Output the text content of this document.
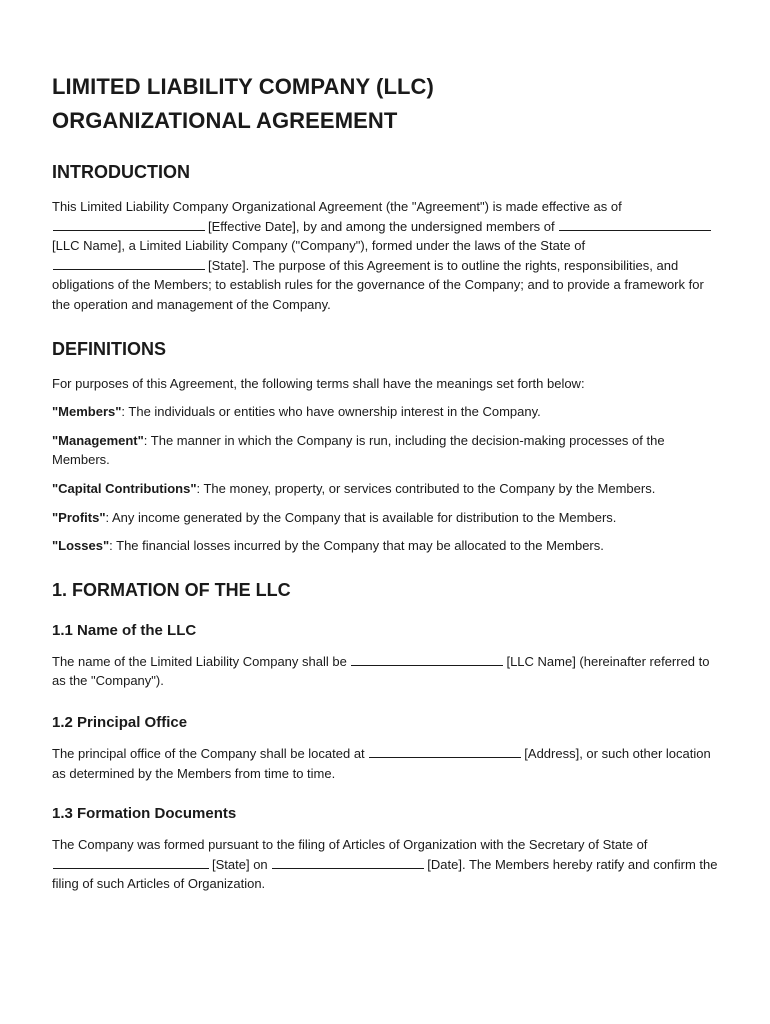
LIMITED LIABILITY COMPANY (LLC)
ORGANIZATIONAL AGREEMENT
INTRODUCTION

This Limited Liability Company Organizational Agreement (the "Agreement") is made effective as of [Effective Date], by and among the undersigned members of [LLC Name], a Limited Liability Company ("Company"), formed under the laws of the State of [State]. The purpose of this Agreement is to outline the rights, responsibilities, and obligations of the Members; to establish rules for the governance of the Company; and to provide a framework for the operation and management of the Company.

DEFINITIONS

For purposes of this Agreement, the following terms shall have the meanings set forth below:

"Members": The individuals or entities who have ownership interest in the Company.

"Management": The manner in which the Company is run, including the decision-making processes of the Members.

"Capital Contributions": The money, property, or services contributed to the Company by the Members.

"Profits": Any income generated by the Company that is available for distribution to the Members.

"Losses": The financial losses incurred by the Company that may be allocated to the Members.

1. FORMATION OF THE LLC
1.1 Name of the LLC

The name of the Limited Liability Company shall be	[LLC Name] (hereinafter referred to as the "Company").

1.2 Principal Office

The principal office of the Company shall be located at	[Address], or such other location as determined by the Members from time to time.

1.3 Formation Documents

The Company was formed pursuant to the filing of Articles of Organization with the Secretary of State of [State] on	[Date]. The Members hereby ratify and confirm the filing of such Articles of Organization.
